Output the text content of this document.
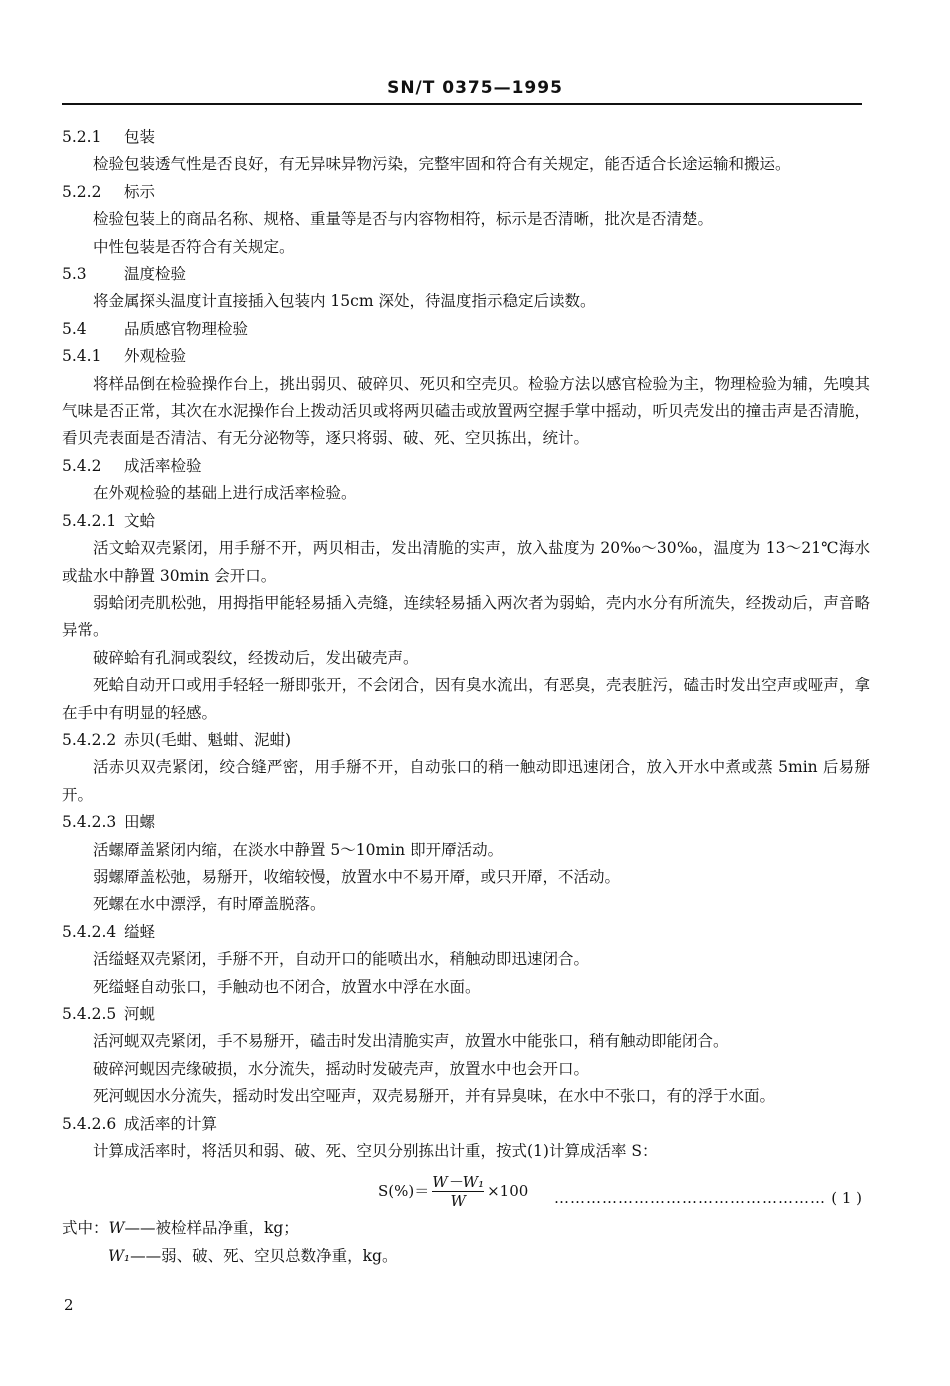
SN/T 0375—1995
5.2.1 包装

检验包装透气性是否良好，有无异味异物污染，完整牢固和符合有关规定，能否适合长途运输和搬运。

5.2.2 标示

检验包装上的商品名称、规格、重量等是否与内容物相符，标示是否清晰，批次是否清楚。

中性包装是否符合有关规定。

5.3 温度检验

将金属探头温度计直接插入包装内 15cm 深处，待温度指示稳定后读数。

5.4 品质感官物理检验
5.4.1 外观检验

将样品倒在检验操作台上，挑出弱贝、破碎贝、死贝和空壳贝。检验方法以感官检验为主，物理检验为辅，先嗅其气味是否正常，其次在水泥操作台上拨动活贝或将两贝磕击或放置两空握手掌中摇动，听贝壳发出的撞击声是否清脆，看贝壳表面是否清洁、有无分泌物等，逐只将弱、破、死、空贝拣出，统计。

5.4.2 成活率检验

在外观检验的基础上进行成活率检验。

5.4.2.1 文蛤

活文蛤双壳紧闭，用手掰不开，两贝相击，发出清脆的实声，放入盐度为 20‰～30‰，温度为 13～21℃海水或盐水中静置 30min 会开口。

弱蛤闭壳肌松弛，用拇指甲能轻易插入壳缝，连续轻易插入两次者为弱蛤，壳内水分有所流失，经拨动后，声音略异常。

破碎蛤有孔洞或裂纹，经拨动后，发出破壳声。

死蛤自动开口或用手轻轻一掰即张开，不会闭合，因有臭水流出，有恶臭，壳表脏污，磕击时发出空声或哑声，拿在手中有明显的轻感。

5.4.2.2 赤贝(毛蚶、魁蚶、泥蚶)

活赤贝双壳紧闭，绞合缝严密，用手掰不开，自动张口的稍一触动即迅速闭合，放入开水中煮或蒸 5min 后易掰开。

5.4.2.3 田螺

活螺厣盖紧闭内缩，在淡水中静置 5～10min 即开厣活动。

弱螺厣盖松弛，易掰开，收缩较慢，放置水中不易开厣，或只开厣，不活动。

死螺在水中漂浮，有时厣盖脱落。

5.4.2.4 缢蛏

活缢蛏双壳紧闭，手掰不开，自动开口的能喷出水，稍触动即迅速闭合。

死缢蛏自动张口，手触动也不闭合，放置水中浮在水面。

5.4.2.5 河蚬

活河蚬双壳紧闭，手不易掰开，磕击时发出清脆实声，放置水中能张口，稍有触动即能闭合。

破碎河蚬因壳缘破损，水分流失，摇动时发破壳声，放置水中也会开口。

死河蚬因水分流失，摇动时发出空哑声，双壳易掰开，并有异臭味，在水中不张口，有的浮于水面。

5.4.2.6 成活率的计算

计算成活率时，将活贝和弱、破、死、空贝分别拣出计重，按式(1)计算成活率 S：

$S(\%)= \frac{\text{W－W₁}}{W} \times 100$ …………………………………………… ( 1 )
式中：W——被检样品净重，kg；
W₁——弱、破、死、空贝总数净重，kg。
2
